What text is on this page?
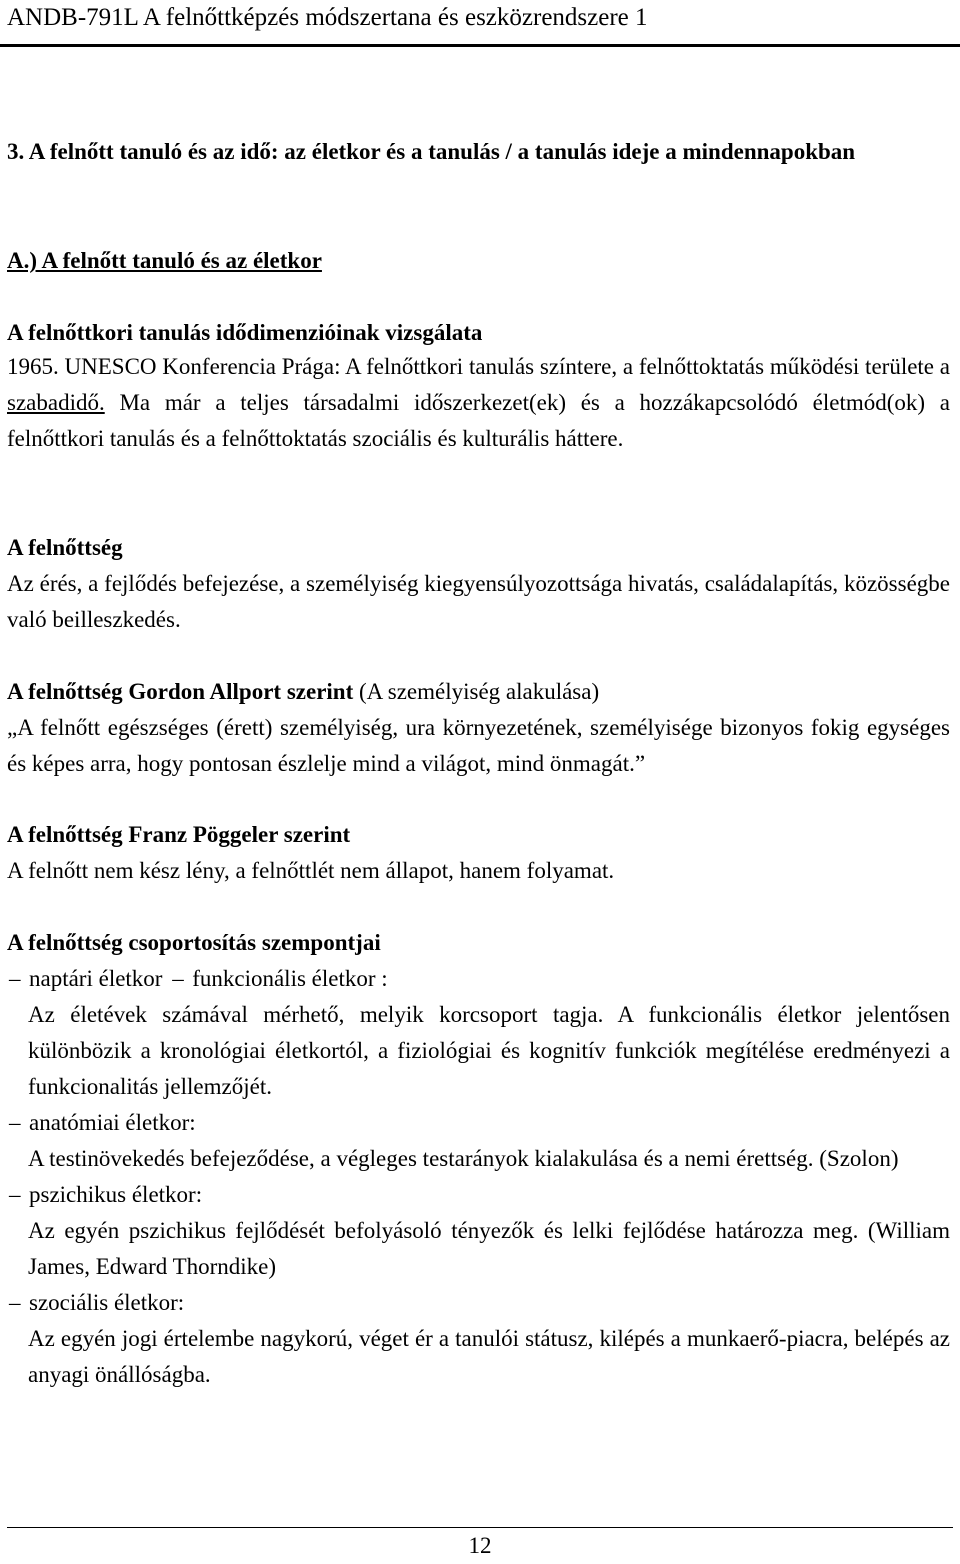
ANDB-791L A felnőttképzés módszertana és eszközrendszere 1

3. A felnőtt tanuló és az idő: az életkor és a tanulás / a tanulás ideje a mindennapokban

A.) A felnőtt tanuló és az életkor

A felnőttkori tanulás idődimenzióinak vizsgálata

1965. UNESCO Konferencia Prága: A felnőttkori tanulás színtere, a felnőttoktatás működési területe a szabadidő. Ma már a teljes társadalmi időszerkezet(ek) és a hozzákapcsolódó életmód(ok) a felnőttkori tanulás és a felnőttoktatás szociális és kulturális háttere.

A felnőttség

Az érés, a fejlődés befejezése, a személyiség kiegyensúlyozottsága hivatás, családalapítás, közösségbe való beilleszkedés.

A felnőttség Gordon Allport szerint (A személyiség alakulása)

„A felnőtt egészséges (érett) személyiség, ura környezetének, személyisége bizonyos fokig egységes és képes arra, hogy pontosan észlelje mind a világot, mind önmagát.”

A felnőttség Franz Pöggeler szerint

A felnőtt nem kész lény, a felnőttlét nem állapot, hanem folyamat.

A felnőttség csoportosítás szempontjai

– naptári életkor – funkcionális életkor :

Az életévek számával mérhető, melyik korcsoport tagja. A funkcionális életkor jelentősen különbözik a kronológiai életkortól, a fiziológiai és kognitív funkciók megítélése eredményezi a funkcionalitás jellemzőjét.

– anatómiai életkor:

A testinövekedés befejeződése, a végleges testarányok kialakulása és a nemi érettség. (Szolon)

– pszichikus életkor:

Az egyén pszichikus fejlődését befolyásoló tényezők és lelki fejlődése határozza meg. (William James, Edward Thorndike)

– szociális életkor:

Az egyén jogi értelembe nagykorú, véget ér a tanulói státusz, kilépés a munkaerő-piacra, belépés az anyagi önállóságba.

12
